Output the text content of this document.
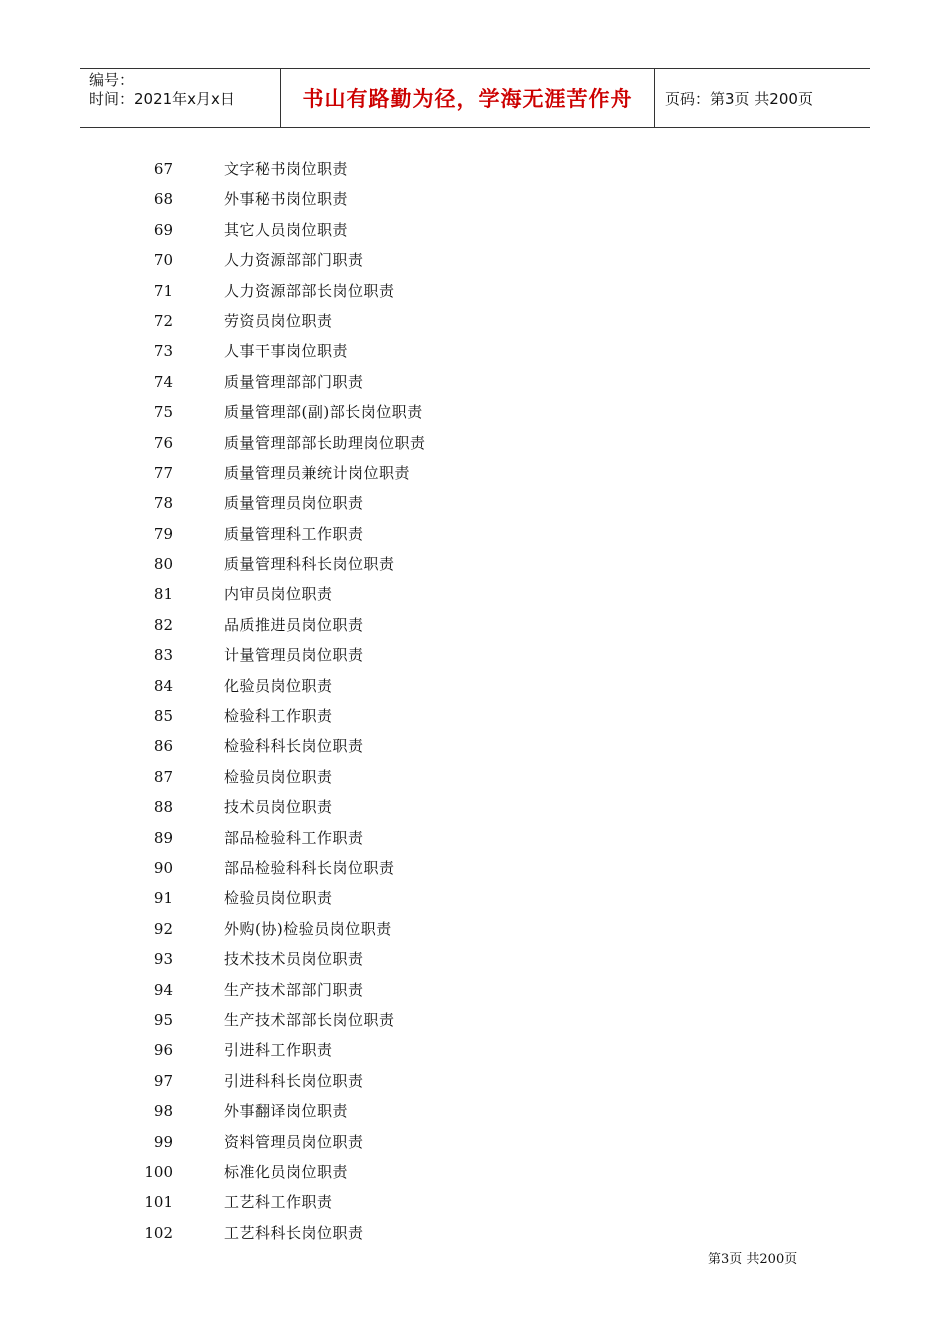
编号：
时间：2021年x月x日	书山有路勤为径，学海无涯苦作舟	页码：第3页 共200页
67	文字秘书岗位职责
68	外事秘书岗位职责
69	其它人员岗位职责
70	人力资源部部门职责
71	人力资源部部长岗位职责
72	劳资员岗位职责
73	人事干事岗位职责
74	质量管理部部门职责
75	质量管理部(副)部长岗位职责
76	质量管理部部长助理岗位职责
77	质量管理员兼统计岗位职责
78	质量管理员岗位职责
79	质量管理科工作职责
80	质量管理科科长岗位职责
81	内审员岗位职责
82	品质推进员岗位职责
83	计量管理员岗位职责
84	化验员岗位职责
85	检验科工作职责
86	检验科科长岗位职责
87	检验员岗位职责
88	技术员岗位职责
89	部品检验科工作职责
90	部品检验科科长岗位职责
91	检验员岗位职责
92	外购(协)检验员岗位职责
93	技术技术员岗位职责
94	生产技术部部门职责
95	生产技术部部长岗位职责
96	引进科工作职责
97	引进科科长岗位职责
98	外事翻译岗位职责
99	资料管理员岗位职责
100	标准化员岗位职责
101	工艺科工作职责
102	工艺科科长岗位职责
第3页 共200页
